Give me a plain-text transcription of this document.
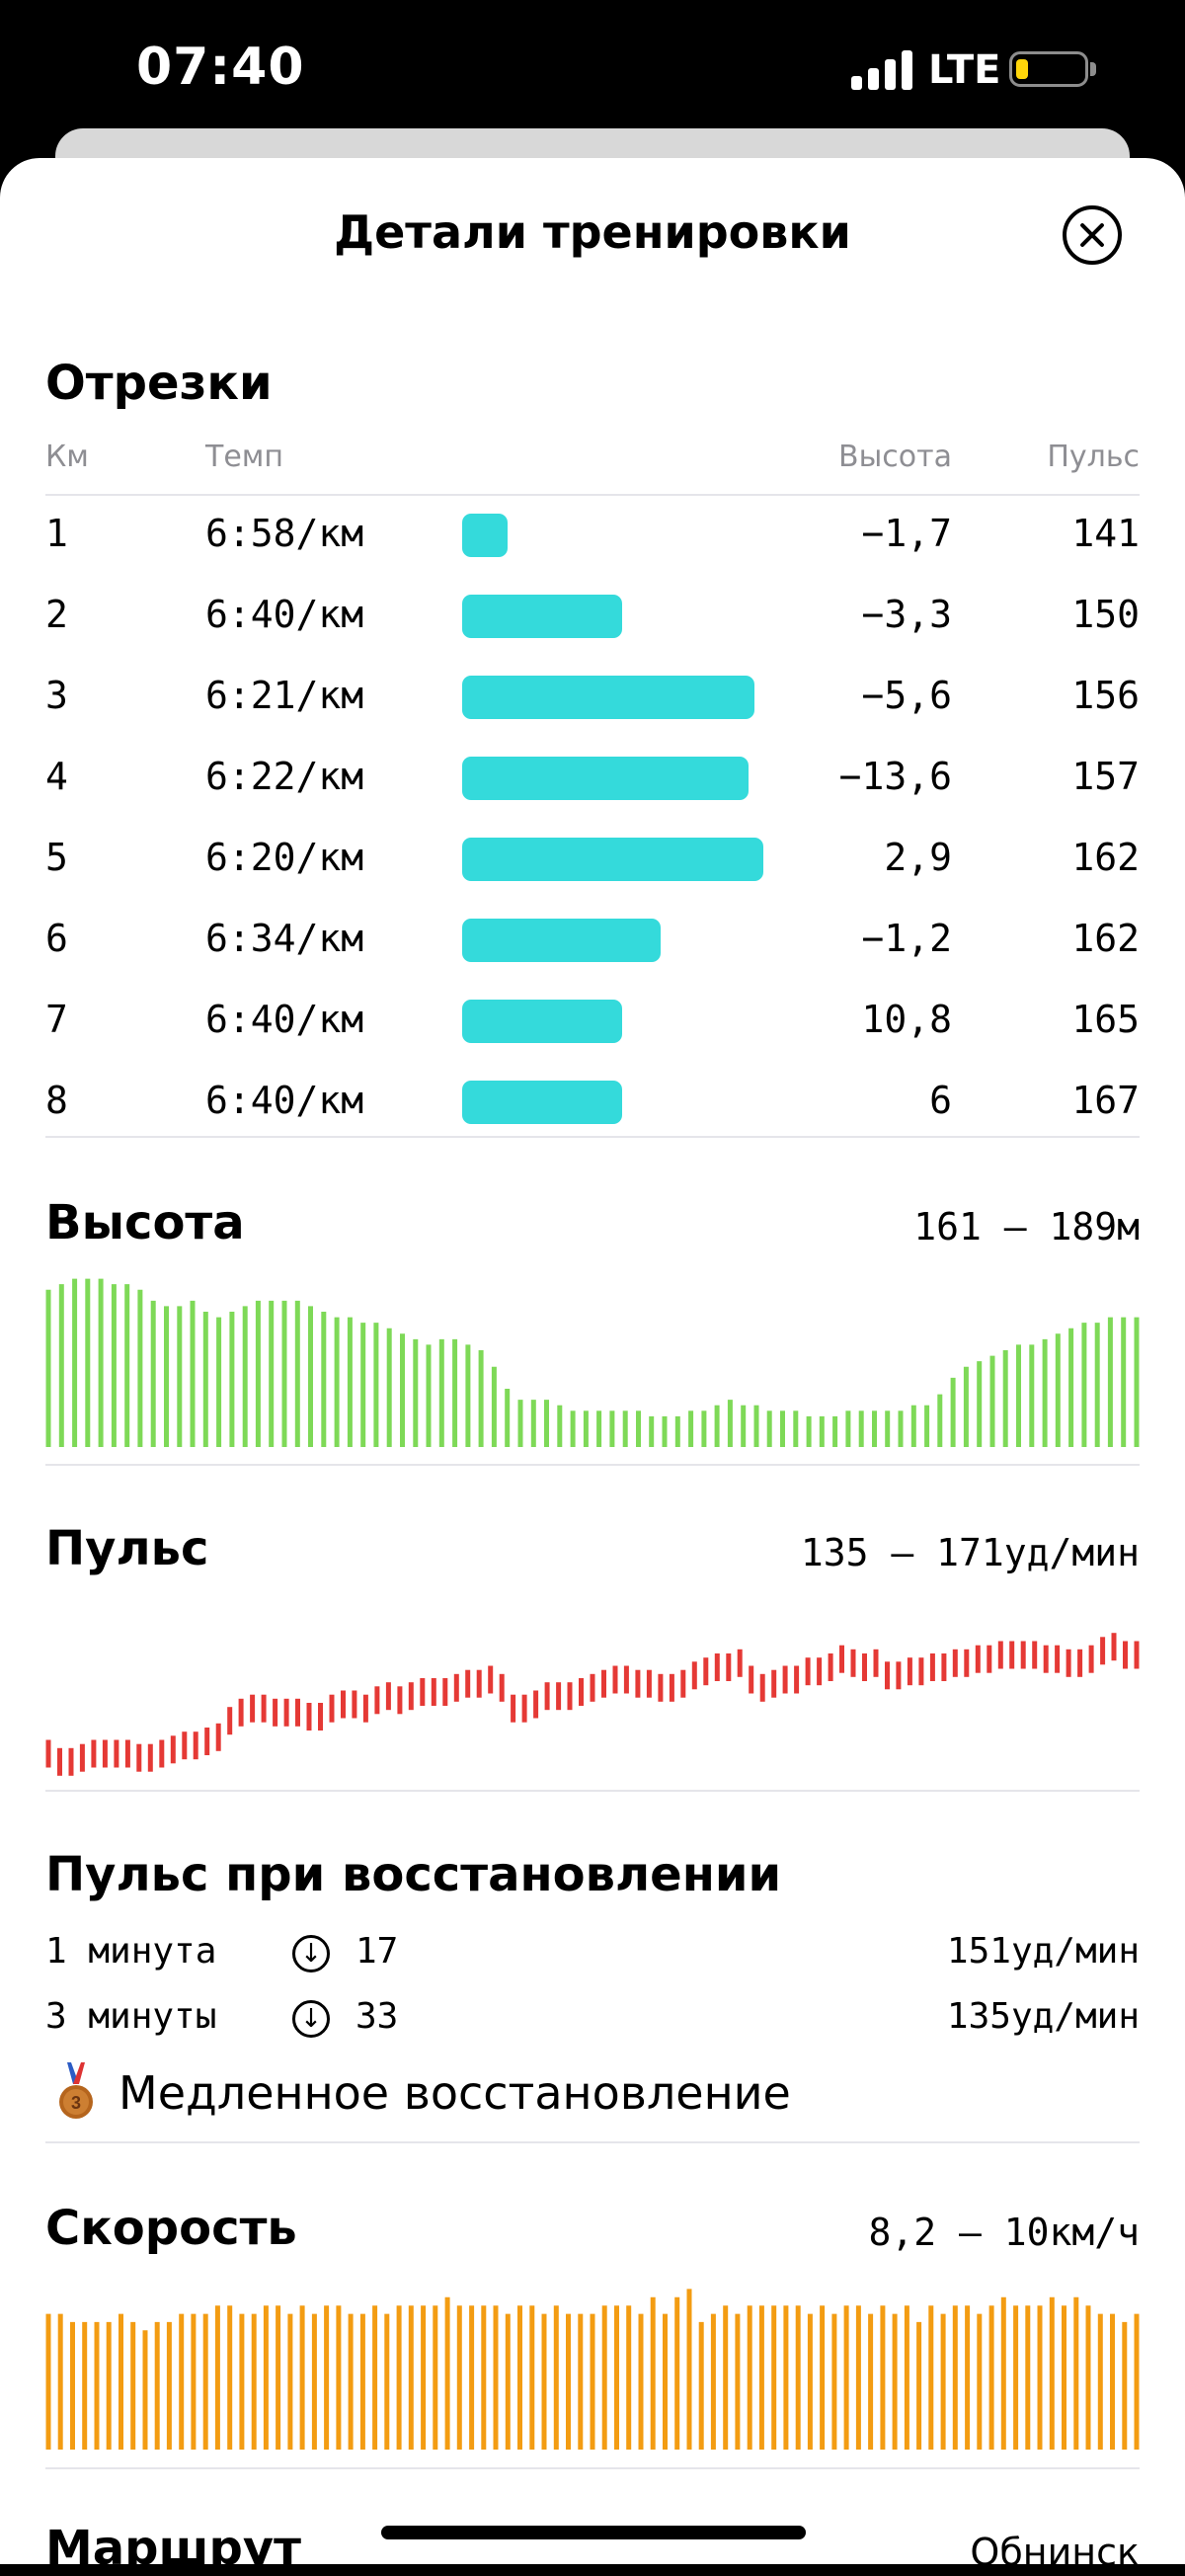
07:40	LTE
Детали тренировки
Отрезки
Км	Темп	Высота	Пульс
1	6:58/км	−1,7	141
2	6:40/км	−3,3	150
3	6:21/км	−5,6	156
4	6:22/км	−13,6	157
5	6:20/км	2,9	162
6	6:34/км	−1,2	162
7	6:40/км	10,8	165
8	6:40/км	6	167
Высота	161 — 189м
Пульс	135 — 171уд/мин
Пульс при восстановлении
1 минута	↓ 17	151уд/мин
3 минуты	↓ 33	135уд/мин
3 Медленное восстановление
Скорость	8,2 — 10км/ч
Маршрут	Обнинск
